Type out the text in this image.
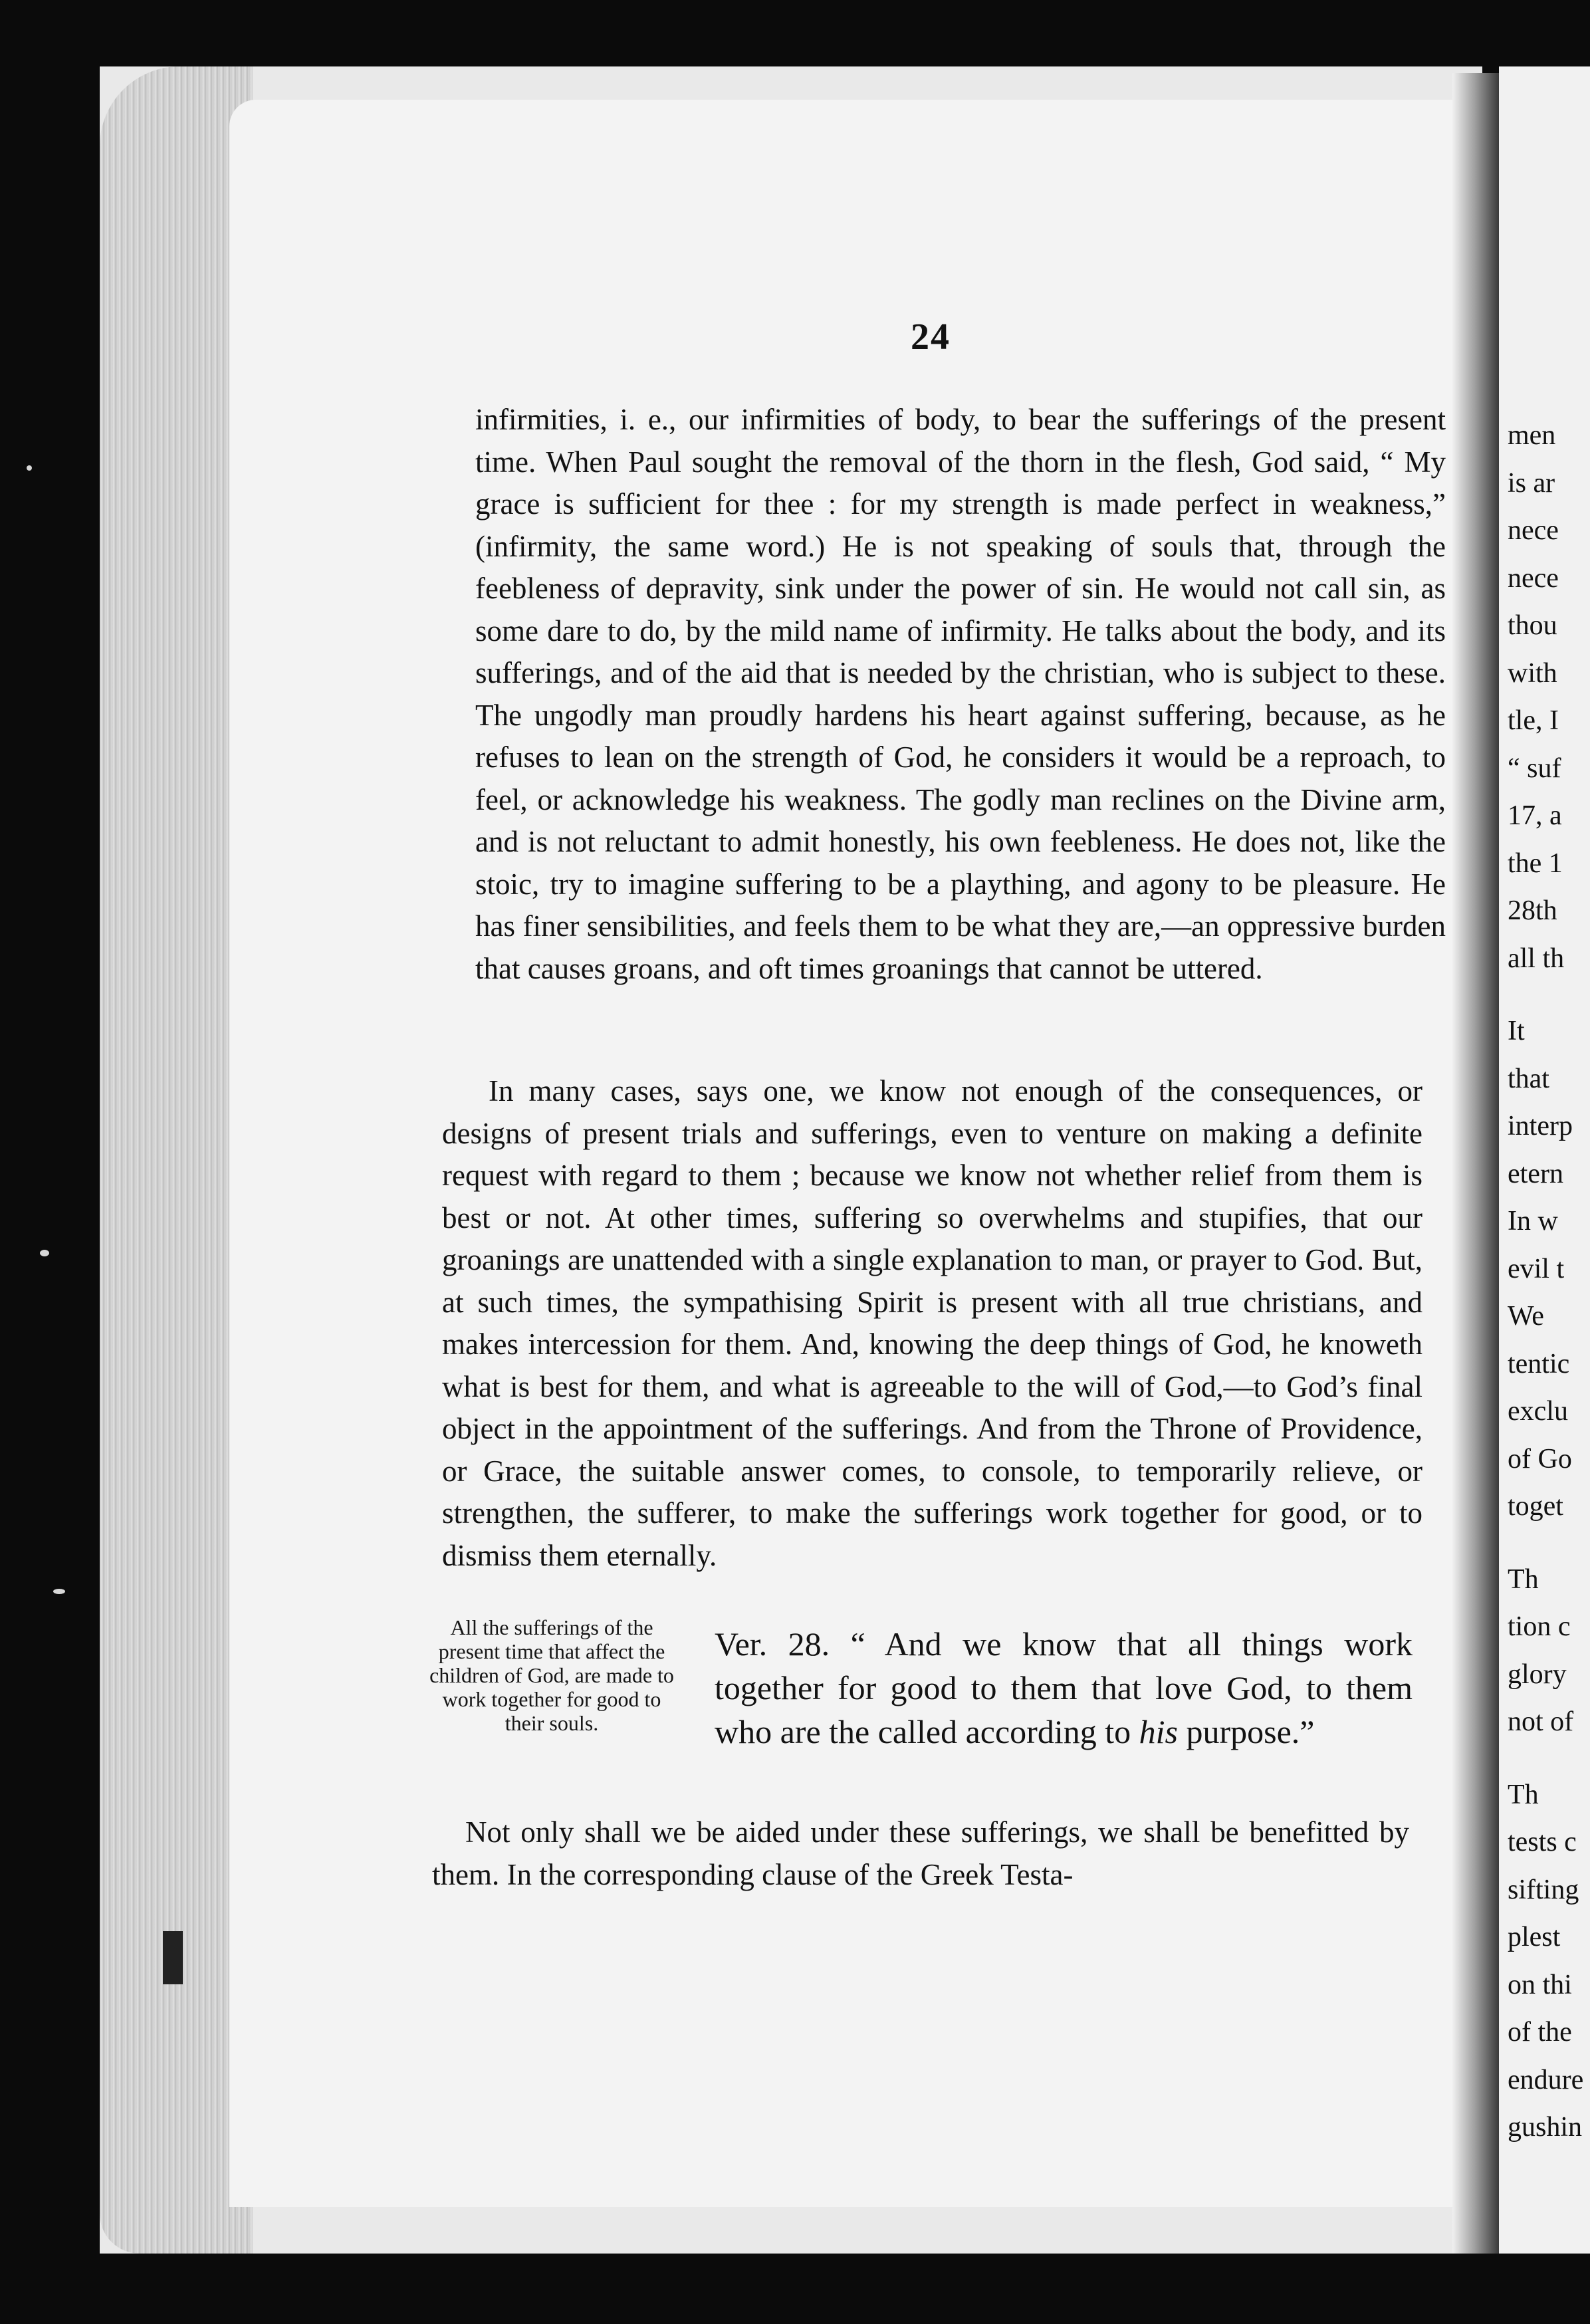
men
is ar
nece
nece
thou
with
tle, I
“ suf
17, a
the 1
28th
all th
It
that
interp
etern
In w
evil t
We
tentic
exclu
of Go
toget
Th
tion c
glory
not of
Th
tests c
sifting
plest
on thi
of the
endure
gushin
24

infirmities, i. e., our infirmities of body, to bear the sufferings of the present time. When Paul sought the removal of the thorn in the flesh, God said, “ My grace is sufficient for thee : for my strength is made perfect in weakness,” (infirmity, the same word.) He is not speaking of souls that, through the feebleness of depravity, sink under the power of sin. He would not call sin, as some dare to do, by the mild name of infirmity. He talks about the body, and its sufferings, and of the aid that is needed by the christian, who is subject to these. The ungodly man proudly hardens his heart against suffering, because, as he refuses to lean on the strength of God, he considers it would be a reproach, to feel, or acknowledge his weakness. The godly man reclines on the Divine arm, and is not reluctant to admit honestly, his own feebleness. He does not, like the stoic, try to imagine suffering to be a plaything, and agony to be pleasure. He has finer sensibilities, and feels them to be what they are,—an oppressive burden that causes groans, and oft times groanings that cannot be uttered.

In many cases, says one, we know not enough of the consequences, or designs of present trials and sufferings, even to venture on making a definite request with regard to them ; because we know not whether relief from them is best or not. At other times, suffering so overwhelms and stupifies, that our groanings are unattended with a single explanation to man, or prayer to God. But, at such times, the sympathising Spirit is present with all true christians, and makes intercession for them. And, knowing the deep things of God, he knoweth what is best for them, and what is agreeable to the will of God,—to God’s final object in the appointment of the sufferings. And from the Throne of Providence, or Grace, the suitable answer comes, to console, to temporarily relieve, or strengthen, the sufferer, to make the sufferings work together for good, or to dismiss them eternally.

All the sufferings of the present time that affect the children of God, are made to work together for good to their souls.
Ver. 28. “ And we know that all things work together for good to them that love God, to them who are the called according to his purpose.”

Not only shall we be aided under these sufferings, we shall be benefitted by them. In the corresponding clause of the Greek Testa-
